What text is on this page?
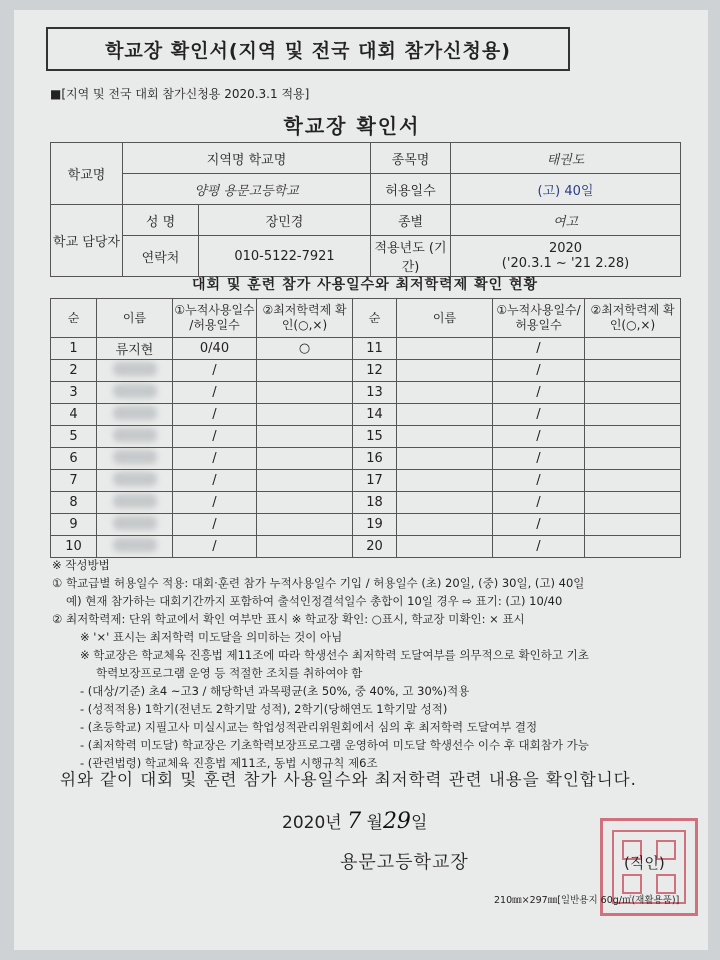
학교장 확인서(지역 및 전국 대회 참가신청용)
■[지역 및 전국 대회 참가신청용 2020.3.1 적용]
학교장 확인서
학교명	지역명 학교명		종목명	태권도
	양평 용문고등학교		허용일수	(고) 40일
학교 담당자	성 명	장민경	종별	여고
	연락처	010-5122-7921	적용년도 (기간)	2020
('20.3.1 ~ '21 2.28)
대회 및 훈련 참가 사용일수와 최저학력제 확인 현황
순	이름	①누적사용일수 /허용일수	②최저학력제 확인(○,×)	순	이름	①누적사용일수/ 허용일수	②최저학력제 확인(○,×)
1	류지현	0/40	○	11		/	
2		/		12		/	
3		/		13		/	
4		/		14		/	
5		/		15		/	
6		/		16		/	
7		/		17		/	
8		/		18		/	
9		/		19		/	
10		/		20		/	
※ 작성방법
① 학교급별 허용일수 적용: 대회·훈련 참가 누적사용일수 기입 / 허용일수 (초) 20일, (중) 30일, (고) 40일
예) 현재 참가하는 대회기간까지 포함하여 출석인정결석일수 총합이 10일 경우 ⇨ 표기: (고) 10/40
② 최저학력제: 단위 학교에서 확인 여부만 표시 ※ 학교장 확인: ○표시, 학교장 미확인: × 표시
※ '×' 표시는 최저학력 미도달을 의미하는 것이 아님
※ 학교장은 학교체육 진흥법 제11조에 따라 학생선수 최저학력 도달여부를 의무적으로 확인하고 기초
학력보장프로그램 운영 등 적절한 조치를 취하여야 함
- (대상/기준) 초4 ~고3 / 해당학년 과목평균(초 50%, 중 40%, 고 30%)적용
- (성적적용) 1학기(전년도 2학기말 성적), 2학기(당해연도 1학기말 성적)
- (초등학교) 지필고사 미실시교는 학업성적관리위원회에서 심의 후 최저학력 도달여부 결정
- (최저학력 미도달) 학교장은 기초학력보장프로그램 운영하여 미도달 학생선수 이수 후 대회참가 가능
- (관련법령) 학교체육 진흥법 제11조, 동법 시행규칙 제6조
위와 같이 대회 및 훈련 참가 사용일수와 최저학력 관련 내용을 확인합니다.
2020년 7 월29일
용문고등학교장	(직인)
210㎜×297㎜[일반용지 60g/㎡(재활용품)]
